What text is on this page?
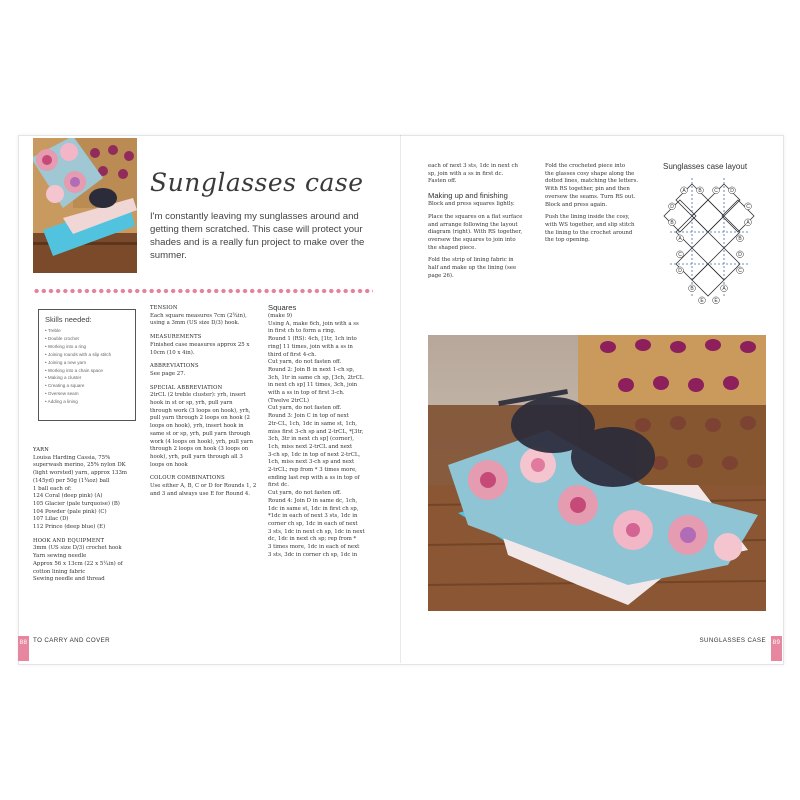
Sunglasses case
I'm constantly leaving my sunglasses around and getting them scratched. This case will protect your shades and is a really fun project to make over the summer.
Skills needed:
• Treble
• Double crochet
• Working into a ring
• Joining rounds with a slip stitch
• Joining a new yarn
• Working into a chain space
• Making a cluster
• Creating a square
• Oversew seam
• Adding a lining

YARN

Louisa Harding Cassia, 75%

superwash merino, 25% nylon DK

(light worsted) yarn, approx 133m

(145yd) per 50g (1¾oz) ball

1 ball each of:

124 Coral (deep pink) (A)

105 Glacier (pale turquoise) (B)

104 Powder (pale pink) (C)

107 Lilac (D)

112 Prince (deep blue) (E)

HOOK AND EQUIPMENT

3mm (US size D/3) crochet hook

Yarn sewing needle

Approx 56 x 13cm (22 x 5¼in) of

cotton lining fabric

Sewing needle and thread

TENSION

Each square measures 7cm (2¾in),

using a 3mm (US size D/3) hook.

MEASUREMENTS

Finished case measures approx 25 x

10cm (10 x 4in).

ABBREVIATIONS

See page 27.

SPECIAL ABBREVIATION

2trCL (2 treble cluster): yrh, insert

hook in st or sp, yrh, pull yarn

through work (3 loops on hook), yrh,

pull yarn through 2 loops on hook (2

loops on hook), yrh, insert hook in

same st or sp, yrh, pull yarn through

work (4 loops on hook), yrh, pull yarn

through 2 loops on hook (3 loops on

hook), yrh, pull yarn through all 3

loops on hook

COLOUR COMBINATIONS

Use either A, B, C or D for Rounds 1, 2

and 3 and always use E for Round 4.

Squares

(make 9)

Using A, make 6ch, join with a ss

in first ch to form a ring.

Round 1 (RS): 4ch, [1tr, 1ch into

ring] 11 times, join with a ss in

third of first 4-ch.

Cut yarn, do not fasten off.

Round 2: Join B in next 1-ch sp,

3ch, 1tr in same ch sp, [3ch, 2trCL

in next ch sp] 11 times, 3ch, join

with a ss in top of first 3-ch.

(Twelve 2trCL)

Cut yarn, do not fasten off.

Round 3: Join C in top of next

2tr-CL, 1ch, 1dc in same st, 1ch,

miss first 3-ch sp and 2-trCL, *[3tr,

3ch, 3tr in next ch sp] (corner),

1ch, miss next 2-trCL and next

3-ch sp, 1dc in top of next 2-trCL,

1ch, miss next 3-ch sp and next

2-trCL; rep from * 3 times more,

ending last rep with a ss in top of

first dc.

Cut yarn, do not fasten off.

Round 4: Join D in same dc, 1ch,

1dc in same st, 1dc in first ch sp,

*1dc in each of next 3 sts, 1dc in

corner ch sp, 1dc in each of next

3 sts, 1dc in next ch sp, 1dc in next

dc, 1dc in next ch sp; rep from *

3 times more, 1dc in each of next

3 sts, 3dc in corner ch sp, 1dc in

each of next 3 sts, 1dc in next ch

sp, join with a ss in first dc.

Fasten off.

Making up and finishing

Block and press squares lightly.

Place the squares on a flat surface

and arrange following the layout

diagram (right). With RS together,

oversew the squares to join into

the shaped piece.

Fold the strip of lining fabric in

half and make up the lining (see

page 26).

Fold the crocheted piece into

the glasses cosy shape along the

dotted lines, matching the letters.

With RS together, pin and then

oversew the seams. Turn RS out.

Block and press again.

Push the lining inside the cosy,

with WS together, and slip stitch

the lining to the crochet around

the top opening.

Sunglasses case layout
A	B	C D
D	C
B	A
A	B
C	D
D	C
B	A
E E
88 TO CARRY AND COVER	89
SUNGLASSES CASE
